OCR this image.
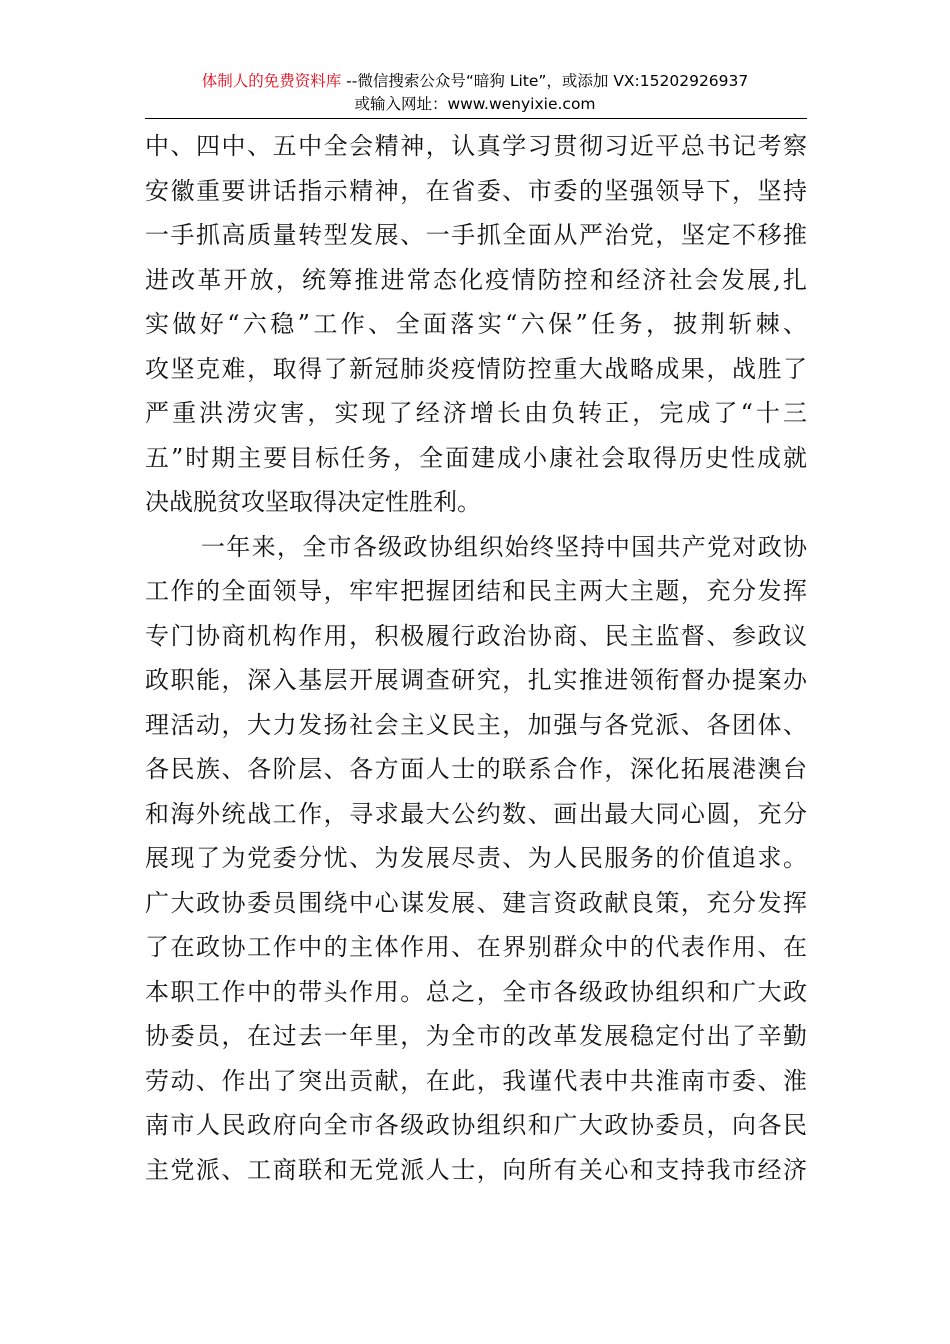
体制人的免费资料库 --微信搜索公众号“暗狗 Lite”，或添加 VX:15202926937
或输入网址：www.wenyixie.com
中、四中、五中全会精神，认真学习贯彻习近平总书记考察
安徽重要讲话指示精神，在省委、市委的坚强领导下，坚持
一手抓高质量转型发展、一手抓全面从严治党，坚定不移推
进改革开放，统筹推进常态化疫情防控和经济社会发展,扎
实做好“六稳”工作、全面落实“六保”任务，披荆斩棘、
攻坚克难，取得了新冠肺炎疫情防控重大战略成果，战胜了
严重洪涝灾害，实现了经济增长由负转正，完成了“十三
五”时期主要目标任务，全面建成小康社会取得历史性成就
决战脱贫攻坚取得决定性胜利。
一年来，全市各级政协组织始终坚持中国共产党对政协
工作的全面领导，牢牢把握团结和民主两大主题，充分发挥
专门协商机构作用，积极履行政治协商、民主监督、参政议
政职能，深入基层开展调查研究，扎实推进领衔督办提案办
理活动，大力发扬社会主义民主，加强与各党派、各团体、
各民族、各阶层、各方面人士的联系合作，深化拓展港澳台
和海外统战工作，寻求最大公约数、画出最大同心圆，充分
展现了为党委分忧、为发展尽责、为人民服务的价值追求。
广大政协委员围绕中心谋发展、建言资政献良策，充分发挥
了在政协工作中的主体作用、在界别群众中的代表作用、在
本职工作中的带头作用。总之，全市各级政协组织和广大政
协委员，在过去一年里，为全市的改革发展稳定付出了辛勤
劳动、作出了突出贡献，在此，我谨代表中共淮南市委、淮
南市人民政府向全市各级政协组织和广大政协委员，向各民
主党派、工商联和无党派人士，向所有关心和支持我市经济
